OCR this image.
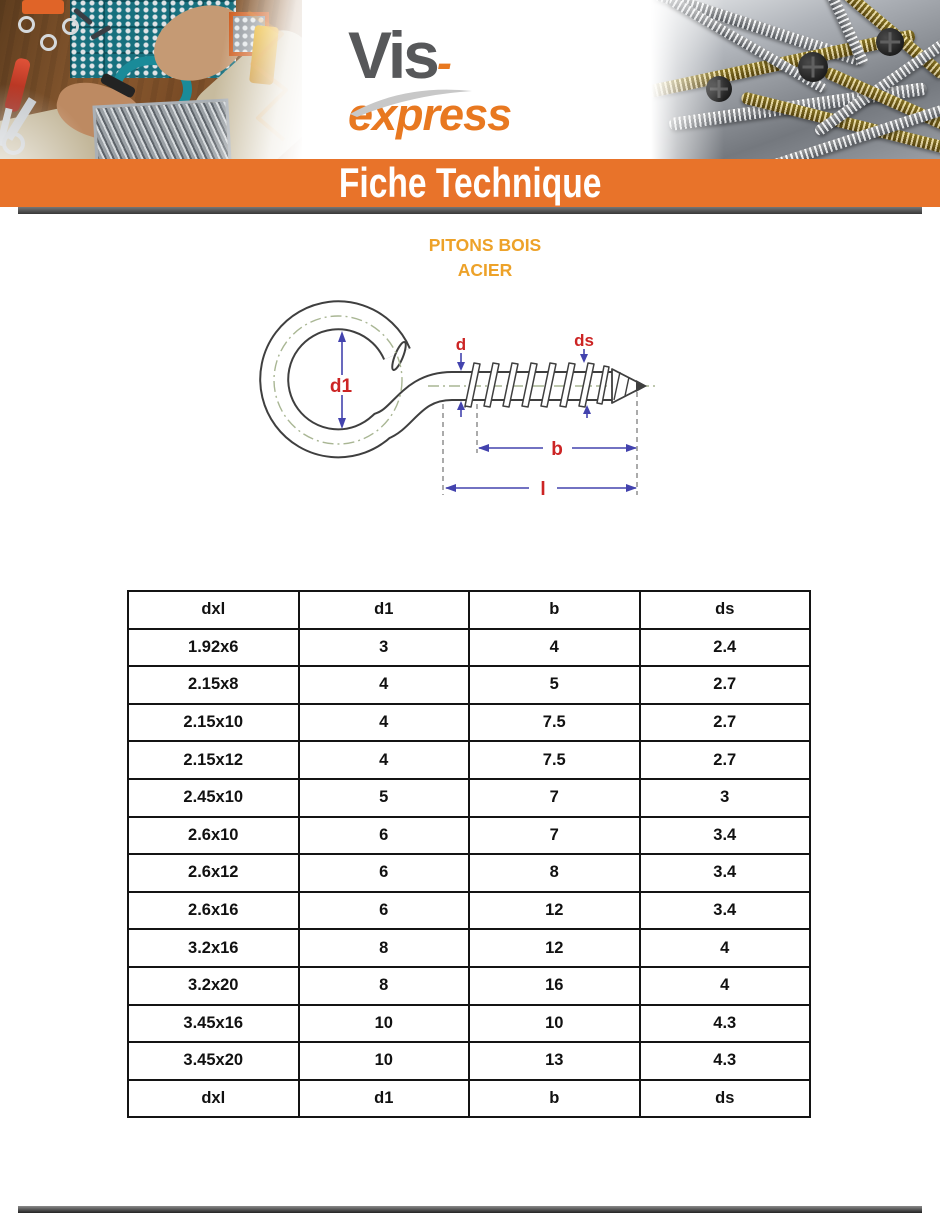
Vis-express
Fiche Technique
PITONS BOIS
ACIER
d1
d	ds
b
l
dxl	d1	b	ds
1.92x6	3	4	2.4
2.15x8	4	5	2.7
2.15x10	4	7.5	2.7
2.15x12	4	7.5	2.7
2.45x10	5	7	3
2.6x10	6	7	3.4
2.6x12	6	8	3.4
2.6x16	6	12	3.4
3.2x16	8	12	4
3.2x20	8	16	4
3.45x16	10	10	4.3
3.45x20	10	13	4.3
dxl	d1	b	ds
